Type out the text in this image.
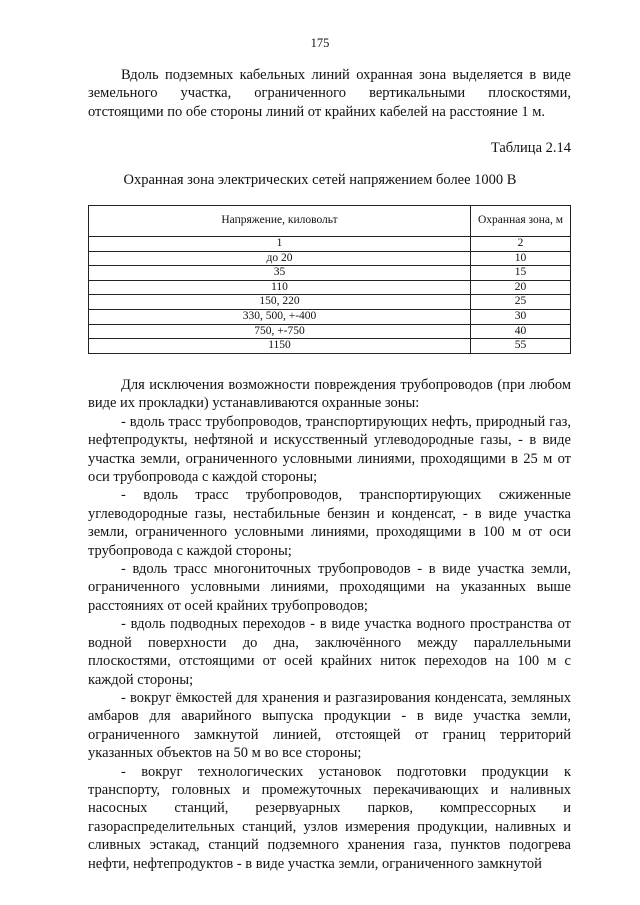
175
Вдоль подземных кабельных линий охранная зона выделяется в виде земельного участка, ограниченного вертикальными плоскостями, отстоящими по обе стороны линий от крайних кабелей на расстояние 1 м.
Таблица 2.14
Охранная зона электрических сетей напряжением более 1000 В
Напряжение, киловольт	Охранная зона, м
1	2
до 20	10
35	15
110	20
150, 220	25
330, 500, +-400	30
750, +-750	40
1150	55
Для исключения возможности повреждения трубопроводов (при любом виде их прокладки) устанавливаются охранные зоны:
- вдоль трасс трубопроводов, транспортирующих нефть, природный газ, нефтепродукты, нефтяной и искусственный углеводородные газы, - в виде участка земли, ограниченного условными линиями, проходящими в 25 м от оси трубопровода с каждой стороны;
- вдоль трасс трубопроводов, транспортирующих сжиженные углеводородные газы, нестабильные бензин и конденсат, - в виде участка земли, ограниченного условными линиями, проходящими в 100 м от оси трубопровода с каждой стороны;
- вдоль трасс многониточных трубопроводов - в виде участка земли, ограниченного условными линиями, проходящими на указанных выше расстояниях от осей крайних трубопроводов;
- вдоль подводных переходов - в виде участка водного пространства от водной поверхности до дна, заключённого между параллельными плоскостями, отстоящими от осей крайних ниток переходов на 100 м с каждой стороны;
- вокруг ёмкостей для хранения и разгазирования конденсата, земляных амбаров для аварийного выпуска продукции - в виде участка земли, ограниченного замкнутой линией, отстоящей от границ территорий указанных объектов на 50 м во все стороны;
- вокруг технологических установок подготовки продукции к транспорту, головных и промежуточных перекачивающих и наливных насосных станций, резервуарных парков, компрессорных и газораспределительных станций, узлов измерения продукции, наливных и сливных эстакад, станций подземного хранения газа, пунктов подогрева нефти, нефтепродуктов - в виде участка земли, ограниченного замкнутой
